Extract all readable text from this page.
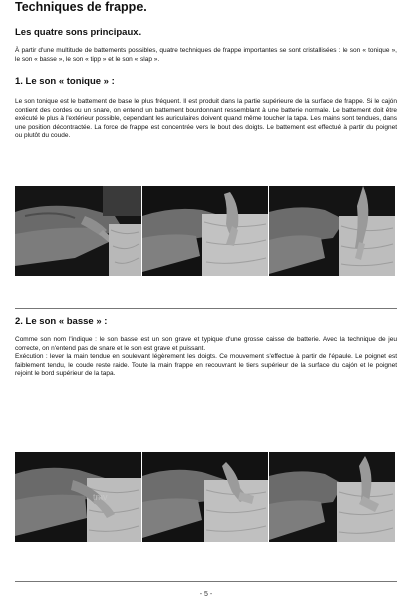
Techniques de frappe.
Les quatre sons principaux.
À partir d'une multitude de battements possibles, quatre techniques de frappe importantes se sont cristallisées : le son « tonique », le son « basse », le son « tipp » et le son « slap ».
1. Le son « tonique » :
Le son tonique est le battement de base le plus fréquent. Il est produit dans la partie supérieure de la surface de frappe. Si le cajón contient des cordes ou un snare, on entend un battement bourdonnant ressemblant à une batterie normale. Le battement doit être exécuté le plus à l'extérieur possible, cependant les auriculaires doivent quand même toucher la tapa. Les mains sont tendues, dans une position décontractée. La force de frappe est concentrée vers le bout des doigts. Le battement est effectué à partir du poignet ou plutôt du coude.
2. Le son « basse » :
Comme son nom l'indique : le son basse est un son grave et typique d'une grosse caisse de batterie. Avec la technique de jeu correcte, on n'entend pas de snare et le son est grave et puissant.
Exécution : lever la main tendue en soulevant légèrement les doigts. Ce mouvement s'effectue à partir de l'épaule. Le poignet est faiblement tendu, le coude reste raide. Toute la main frappe en recouvrant le tiers supérieur de la surface du cajón et le poignet rejoint le bord supérieur de la tapa.
tmv
- 5 -
